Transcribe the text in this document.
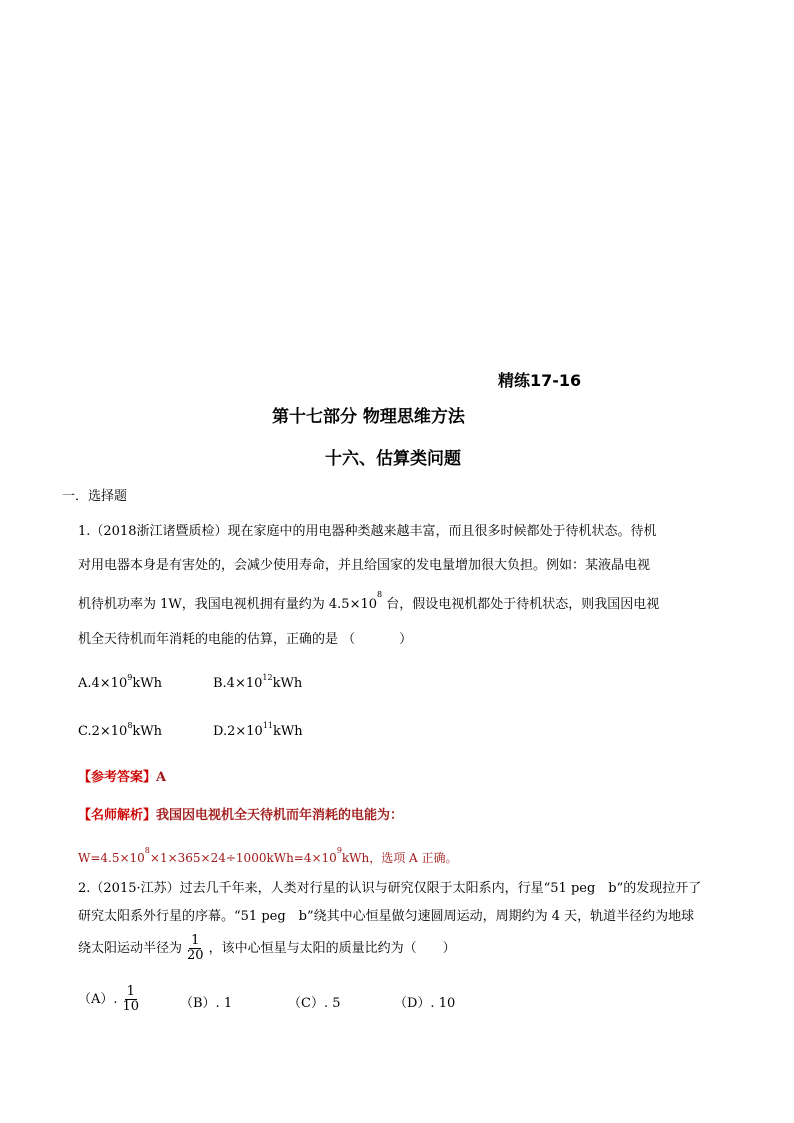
精练17-16
第十七部分 物理思维方法
十六、估算类问题
一．选择题
1.（2018浙江诸暨质检）现在家庭中的用电器种类越来越丰富，而且很多时候都处于待机状态。待机
对用电器本身是有害处的，会减少使用寿命，并且给国家的发电量增加很大负担。例如：某液晶电视
机待机功率为 1W，我国电视机拥有量约为 $4.5\times 10^8$ 台，假设电视机都处于待机状态，则我国因电视
机全天待机而年消耗的电能的估算，正确的是 （	）
$A.4\times 10^9kWh$	$B.4\times 10^{12}kWh$
$C.2\times 10^8kWh$	$D.2\times 10^{11}kWh$
【参考答案】A
【名师解析】我国因电视机全天待机而年消耗的电能为：
$W=4.5\times 10^8\times 1\times 365\times 24\div 1000kWh=4\times 10^9kWh$，选项 A 正确。
2.（2015·江苏）过去几千年来，人类对行星的认识与研究仅限于太阳系内，行星“51 peg　b”的发现拉开了
研究太阳系外行星的序幕。“51 peg　b”绕其中心恒星做匀速圆周运动，周期约为 4 天，轨道半径约为地球
绕太阳运动半径为 $\frac{1}{20}$ ，该中心恒星与太阳的质量比约为（　　）
（A）. $\frac{1}{10}$	（B）. 1	（C）. 5	（D）. 10
